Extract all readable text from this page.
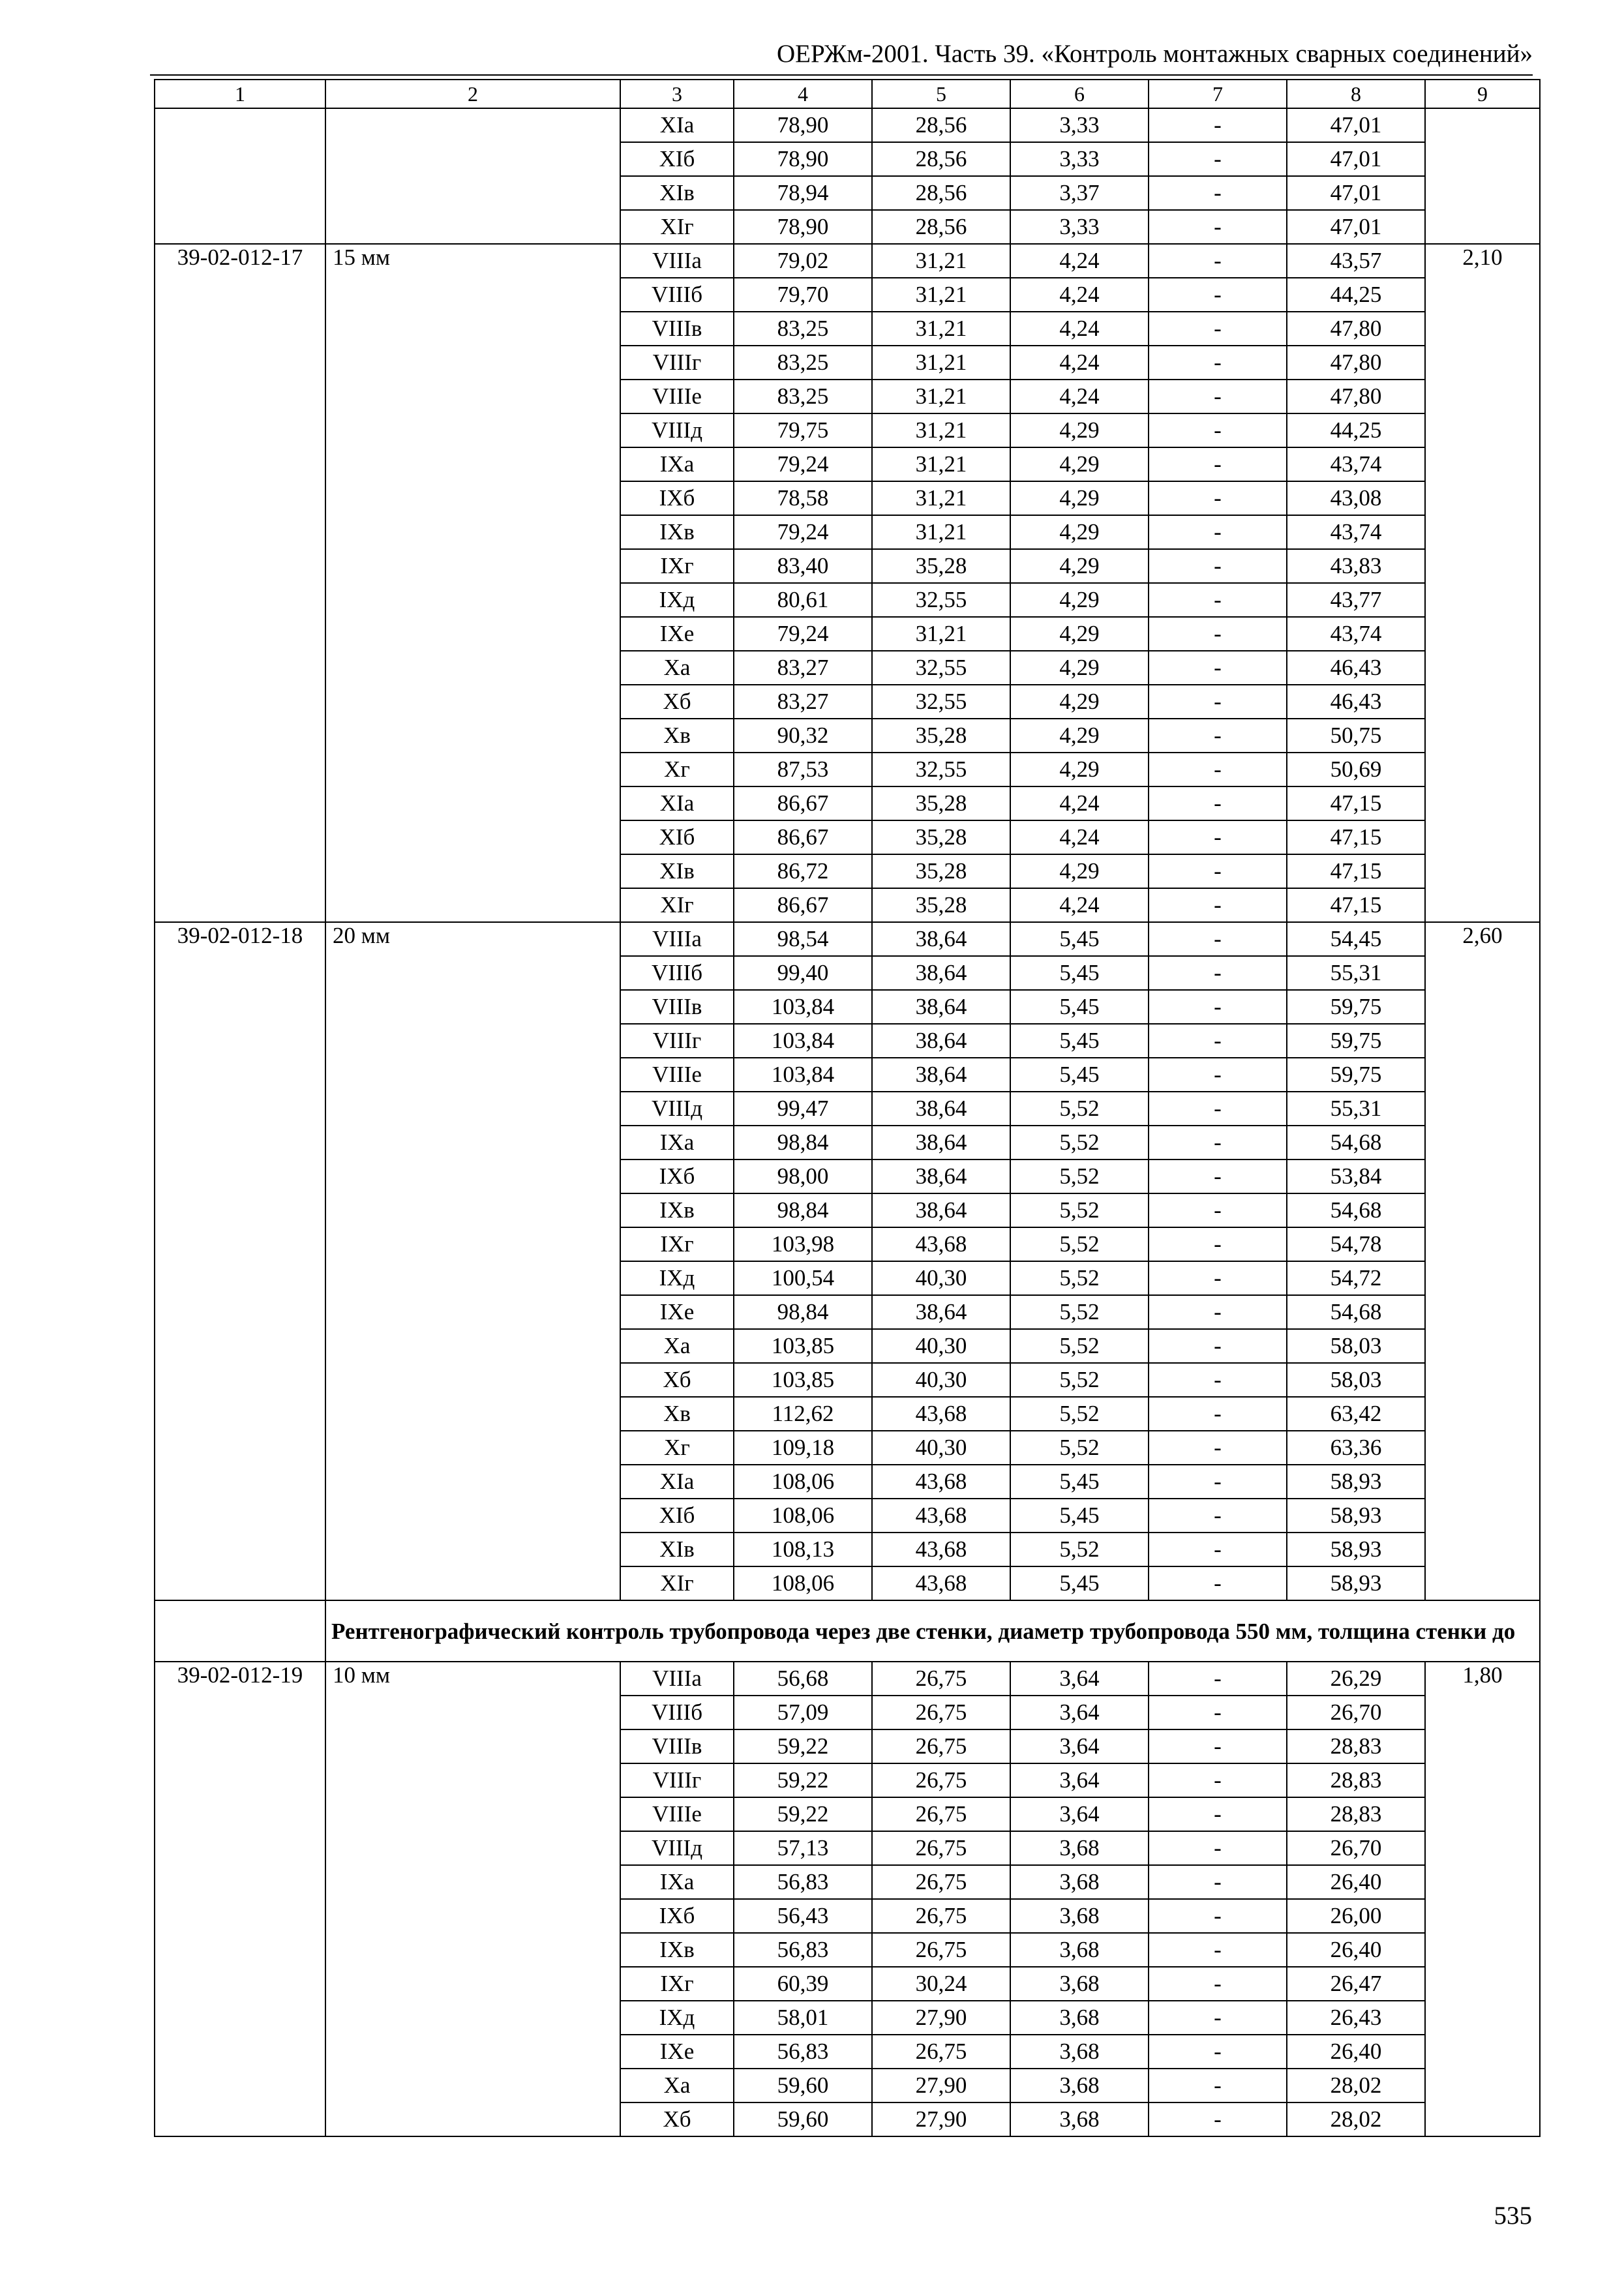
ОЕРЖм-2001. Часть 39. «Контроль монтажных сварных соединений»
1	2	3	4	5	6	7	8	9
		XIа	78,90	28,56	3,33	-	47,01	
		XIб	78,90	28,56	3,33	-	47,01	
		XIв	78,94	28,56	3,37	-	47,01	
		XIг	78,90	28,56	3,33	-	47,01	
39-02-012-17	15 мм	VIIIа	79,02	31,21	4,24	-	43,57	2,10
		VIIIб	79,70	31,21	4,24	-	44,25	
		VIIIв	83,25	31,21	4,24	-	47,80	
		VIIIг	83,25	31,21	4,24	-	47,80	
		VIIIе	83,25	31,21	4,24	-	47,80	
		VIIIд	79,75	31,21	4,29	-	44,25	
		IXа	79,24	31,21	4,29	-	43,74	
		IXб	78,58	31,21	4,29	-	43,08	
		IXв	79,24	31,21	4,29	-	43,74	
		IXг	83,40	35,28	4,29	-	43,83	
		IXд	80,61	32,55	4,29	-	43,77	
		IXе	79,24	31,21	4,29	-	43,74	
		Xа	83,27	32,55	4,29	-	46,43	
		Xб	83,27	32,55	4,29	-	46,43	
		Xв	90,32	35,28	4,29	-	50,75	
		Xг	87,53	32,55	4,29	-	50,69	
		XIа	86,67	35,28	4,24	-	47,15	
		XIб	86,67	35,28	4,24	-	47,15	
		XIв	86,72	35,28	4,29	-	47,15	
		XIг	86,67	35,28	4,24	-	47,15	
39-02-012-18	20 мм	VIIIа	98,54	38,64	5,45	-	54,45	2,60
		VIIIб	99,40	38,64	5,45	-	55,31	
		VIIIв	103,84	38,64	5,45	-	59,75	
		VIIIг	103,84	38,64	5,45	-	59,75	
		VIIIе	103,84	38,64	5,45	-	59,75	
		VIIIд	99,47	38,64	5,52	-	55,31	
		IXа	98,84	38,64	5,52	-	54,68	
		IXб	98,00	38,64	5,52	-	53,84	
		IXв	98,84	38,64	5,52	-	54,68	
		IXг	103,98	43,68	5,52	-	54,78	
		IXд	100,54	40,30	5,52	-	54,72	
		IXе	98,84	38,64	5,52	-	54,68	
		Xа	103,85	40,30	5,52	-	58,03	
		Xб	103,85	40,30	5,52	-	58,03	
		Xв	112,62	43,68	5,52	-	63,42	
		Xг	109,18	40,30	5,52	-	63,36	
		XIа	108,06	43,68	5,45	-	58,93	
		XIб	108,06	43,68	5,45	-	58,93	
		XIв	108,13	43,68	5,52	-	58,93	
		XIг	108,06	43,68	5,45	-	58,93	
	Рентгенографический контроль трубопровода через две стенки, диаметр трубопровода 550 мм, толщина стенки до							
39-02-012-19	10 мм	VIIIа	56,68	26,75	3,64	-	26,29	1,80
		VIIIб	57,09	26,75	3,64	-	26,70	
		VIIIв	59,22	26,75	3,64	-	28,83	
		VIIIг	59,22	26,75	3,64	-	28,83	
		VIIIе	59,22	26,75	3,64	-	28,83	
		VIIIд	57,13	26,75	3,68	-	26,70	
		IXа	56,83	26,75	3,68	-	26,40	
		IXб	56,43	26,75	3,68	-	26,00	
		IXв	56,83	26,75	3,68	-	26,40	
		IXг	60,39	30,24	3,68	-	26,47	
		IXд	58,01	27,90	3,68	-	26,43	
		IXе	56,83	26,75	3,68	-	26,40	
		Xа	59,60	27,90	3,68	-	28,02	
		Xб	59,60	27,90	3,68	-	28,02	
535
